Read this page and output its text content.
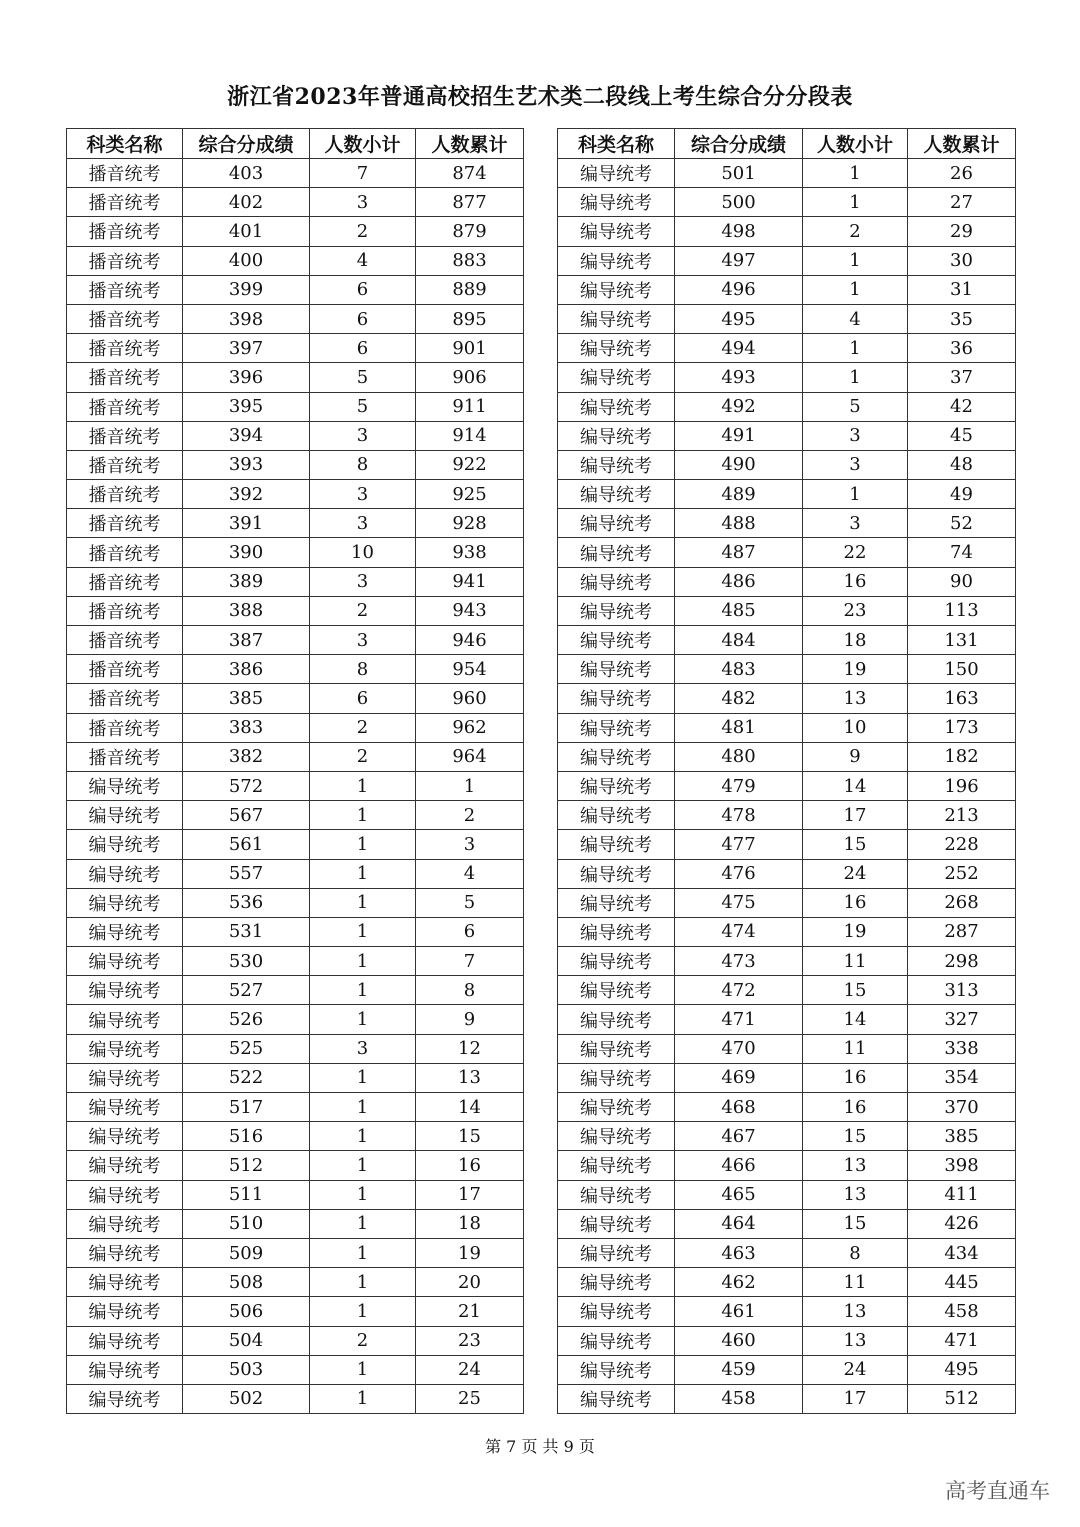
浙江省2023年普通高校招生艺术类二段线上考生综合分分段表
科类名称	综合分成绩	人数小计	人数累计
播音统考	403	7	874
播音统考	402	3	877
播音统考	401	2	879
播音统考	400	4	883
播音统考	399	6	889
播音统考	398	6	895
播音统考	397	6	901
播音统考	396	5	906
播音统考	395	5	911
播音统考	394	3	914
播音统考	393	8	922
播音统考	392	3	925
播音统考	391	3	928
播音统考	390	10	938
播音统考	389	3	941
播音统考	388	2	943
播音统考	387	3	946
播音统考	386	8	954
播音统考	385	6	960
播音统考	383	2	962
播音统考	382	2	964
编导统考	572	1	1
编导统考	567	1	2
编导统考	561	1	3
编导统考	557	1	4
编导统考	536	1	5
编导统考	531	1	6
编导统考	530	1	7
编导统考	527	1	8
编导统考	526	1	9
编导统考	525	3	12
编导统考	522	1	13
编导统考	517	1	14
编导统考	516	1	15
编导统考	512	1	16
编导统考	511	1	17
编导统考	510	1	18
编导统考	509	1	19
编导统考	508	1	20
编导统考	506	1	21
编导统考	504	2	23
编导统考	503	1	24
编导统考	502	1	25
科类名称	综合分成绩	人数小计	人数累计
编导统考	501	1	26
编导统考	500	1	27
编导统考	498	2	29
编导统考	497	1	30
编导统考	496	1	31
编导统考	495	4	35
编导统考	494	1	36
编导统考	493	1	37
编导统考	492	5	42
编导统考	491	3	45
编导统考	490	3	48
编导统考	489	1	49
编导统考	488	3	52
编导统考	487	22	74
编导统考	486	16	90
编导统考	485	23	113
编导统考	484	18	131
编导统考	483	19	150
编导统考	482	13	163
编导统考	481	10	173
编导统考	480	9	182
编导统考	479	14	196
编导统考	478	17	213
编导统考	477	15	228
编导统考	476	24	252
编导统考	475	16	268
编导统考	474	19	287
编导统考	473	11	298
编导统考	472	15	313
编导统考	471	14	327
编导统考	470	11	338
编导统考	469	16	354
编导统考	468	16	370
编导统考	467	15	385
编导统考	466	13	398
编导统考	465	13	411
编导统考	464	15	426
编导统考	463	8	434
编导统考	462	11	445
编导统考	461	13	458
编导统考	460	13	471
编导统考	459	24	495
编导统考	458	17	512
第 7 页 共 9 页
高考直通车
